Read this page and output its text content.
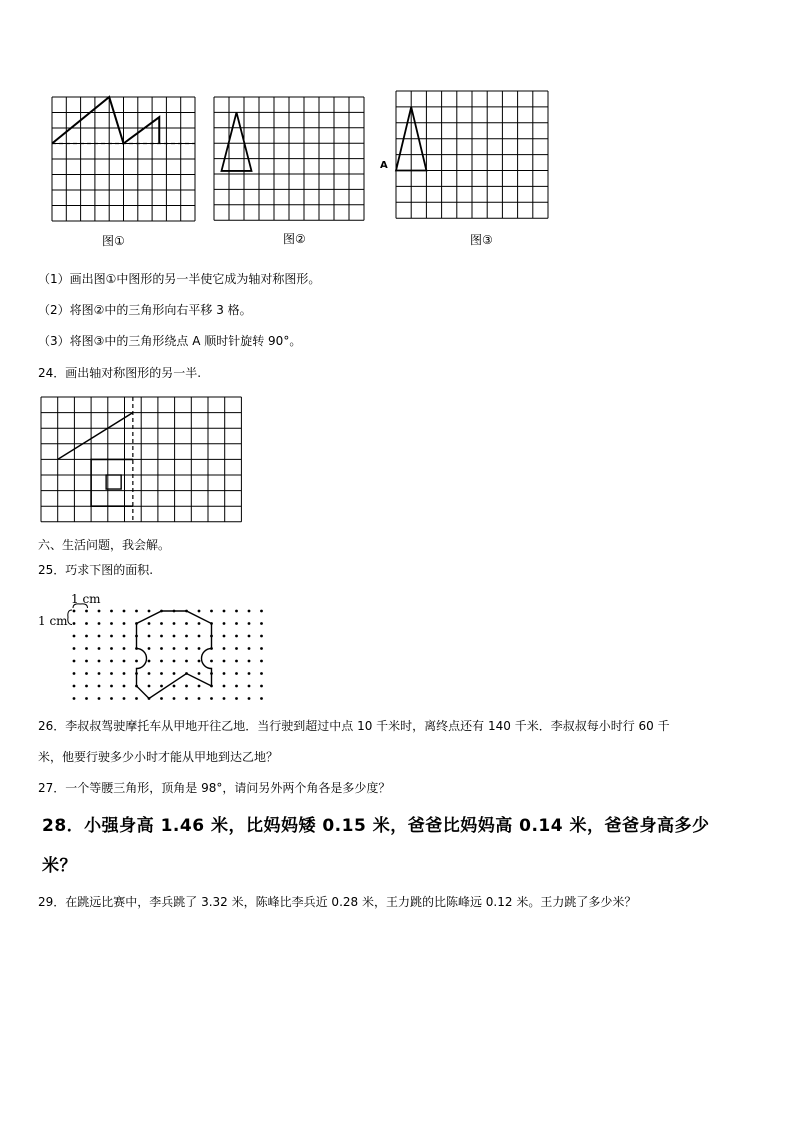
图①	图②
A
图③
（1）画出图①中图形的另一半使它成为轴对称图形。
（2）将图②中的三角形向右平移 3 格。
（3）将图③中的三角形绕点 A 顺时针旋转 90°。
24．画出轴对称图形的另一半.
六、生活问题，我会解。
25．巧求下图的面积.
1 cm
1 cm
26．李叔叔驾驶摩托车从甲地开往乙地．当行驶到超过中点 10 千米时，离终点还有 140 千米．李叔叔每小时行 60 千
米，他要行驶多少小时才能从甲地到达乙地？
27．一个等腰三角形，顶角是 98°，请问另外两个角各是多少度？
28．小强身高 1.46 米，比妈妈矮 0.15 米，爸爸比妈妈高 0.14 米，爸爸身高多少
米？
29．在跳远比赛中，李兵跳了 3.32 米，陈峰比李兵近 0.28 米，王力跳的比陈峰远 0.12 米。王力跳了多少米？
